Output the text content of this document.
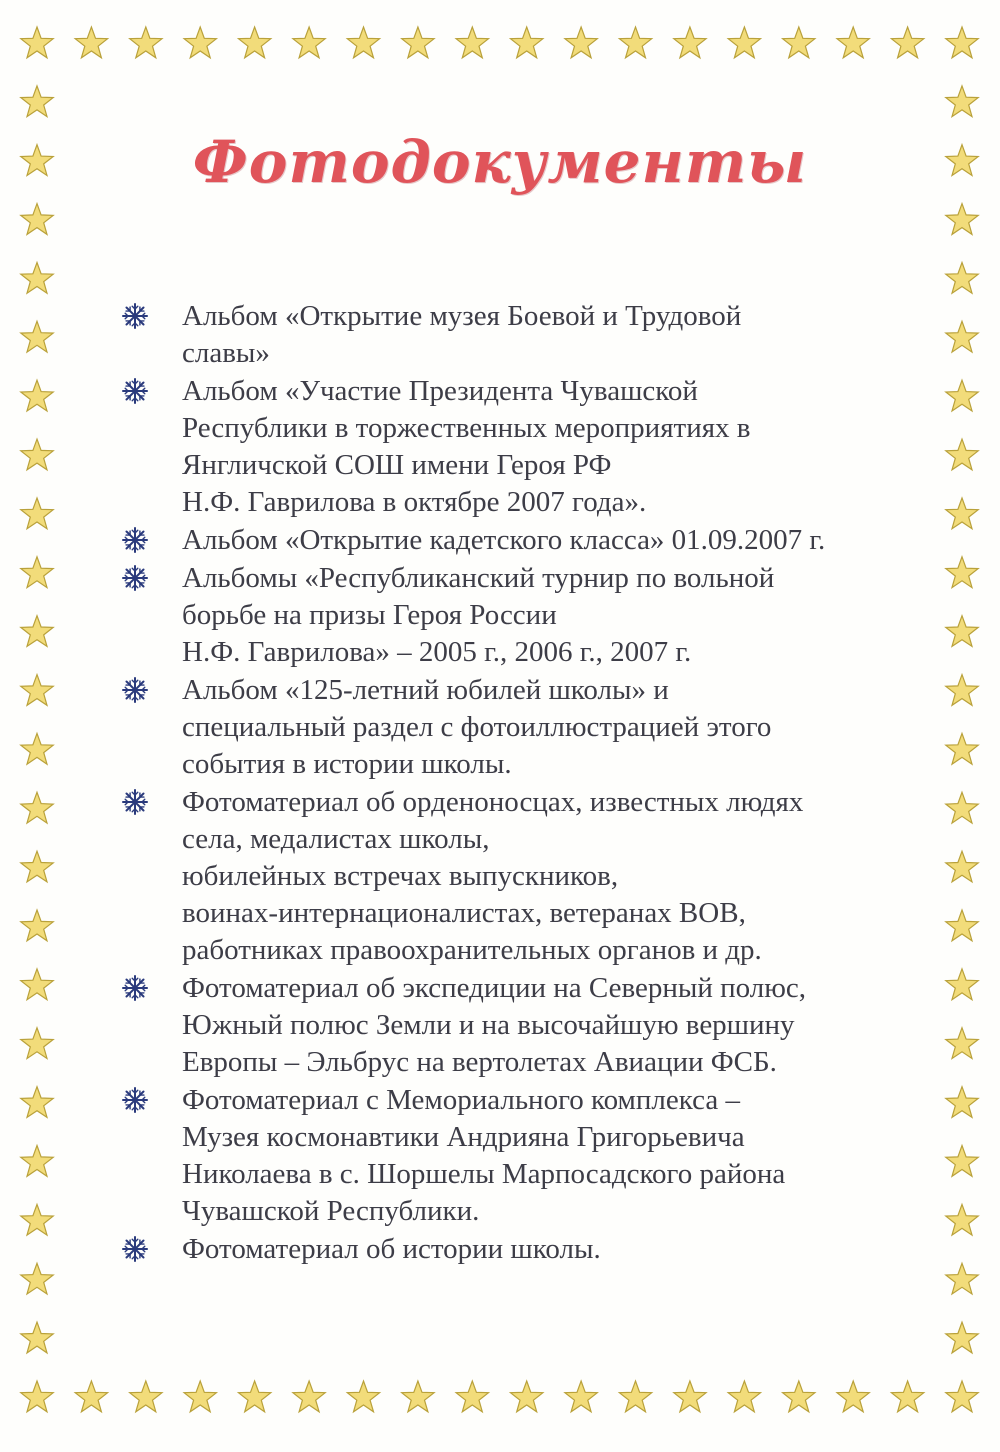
Фотодокументы
Альбом «Открытие музея Боевой и Трудовой
славы»
Альбом «Участие Президента Чувашской
Республики в торжественных мероприятиях в
Янгличской СОШ имени Героя РФ
Н.Ф. Гаврилова в октябре 2007 года».
Альбом «Открытие кадетского класса» 01.09.2007 г.
Альбомы «Республиканский турнир по вольной
борьбе на призы Героя России
Н.Ф. Гаврилова» – 2005 г., 2006 г., 2007 г.
Альбом «125-летний юбилей школы» и
специальный раздел с фотоиллюстрацией этого
события в истории школы.
Фотоматериал об орденоносцах, известных людях
села, медалистах школы,
юбилейных встречах выпускников,
воинах-интернационалистах, ветеранах ВОВ,
работниках правоохранительных органов и др.
Фотоматериал об экспедиции на Северный полюс,
Южный полюс Земли и на высочайшую вершину
Европы – Эльбрус на вертолетах Авиации ФСБ.
Фотоматериал с Мемориального комплекса –
Музея космонавтики Андрияна Григорьевича
Николаева в с. Шоршелы Марпосадского района
Чувашской Республики.
Фотоматериал об истории школы.
